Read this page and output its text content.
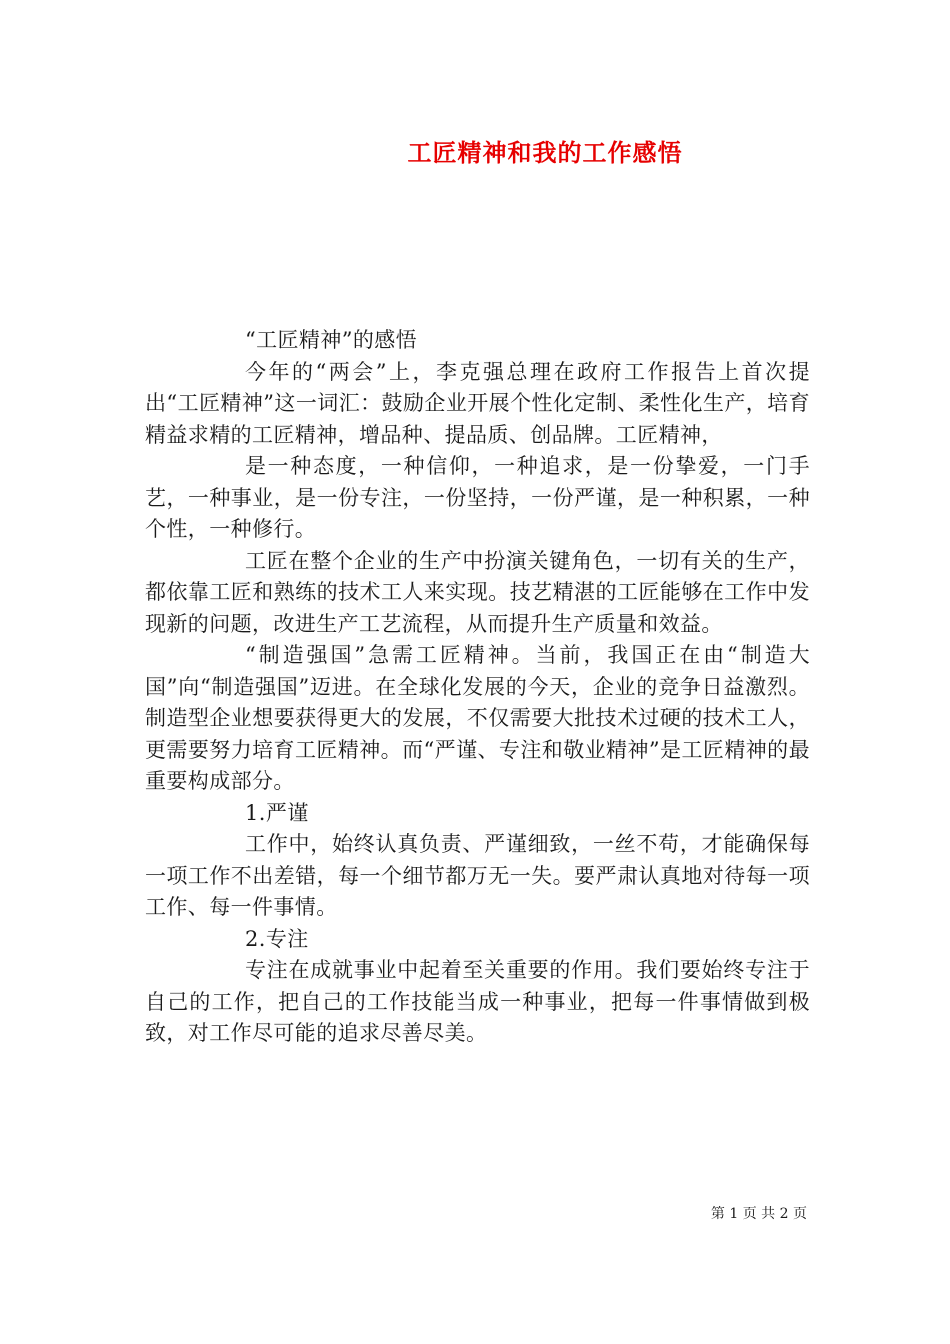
工匠精神和我的工作感悟

“工匠精神”的感悟

今年的“两会”上，李克强总理在政府工作报告上首次提出“工匠精神”这一词汇：鼓励企业开展个性化定制、柔性化生产，培育精益求精的工匠精神，增品种、提品质、创品牌。工匠精神，

是一种态度，一种信仰，一种追求，是一份挚爱，一门手艺，一种事业，是一份专注，一份坚持，一份严谨，是一种积累，一种个性，一种修行。

工匠在整个企业的生产中扮演关键角色，一切有关的生产，都依靠工匠和熟练的技术工人来实现。技艺精湛的工匠能够在工作中发现新的问题，改进生产工艺流程，从而提升生产质量和效益。

“制造强国”急需工匠精神。当前，我国正在由“制造大国”向“制造强国”迈进。在全球化发展的今天，企业的竞争日益激烈。制造型企业想要获得更大的发展，不仅需要大批技术过硬的技术工人，更需要努力培育工匠精神。而“严谨、专注和敬业精神”是工匠精神的最重要构成部分。

1.严谨

工作中，始终认真负责、严谨细致，一丝不苟，才能确保每一项工作不出差错，每一个细节都万无一失。要严肃认真地对待每一项工作、每一件事情。

2.专注

专注在成就事业中起着至关重要的作用。我们要始终专注于自己的工作，把自己的工作技能当成一种事业，把每一件事情做到极致，对工作尽可能的追求尽善尽美。

第 1 页 共 2 页
